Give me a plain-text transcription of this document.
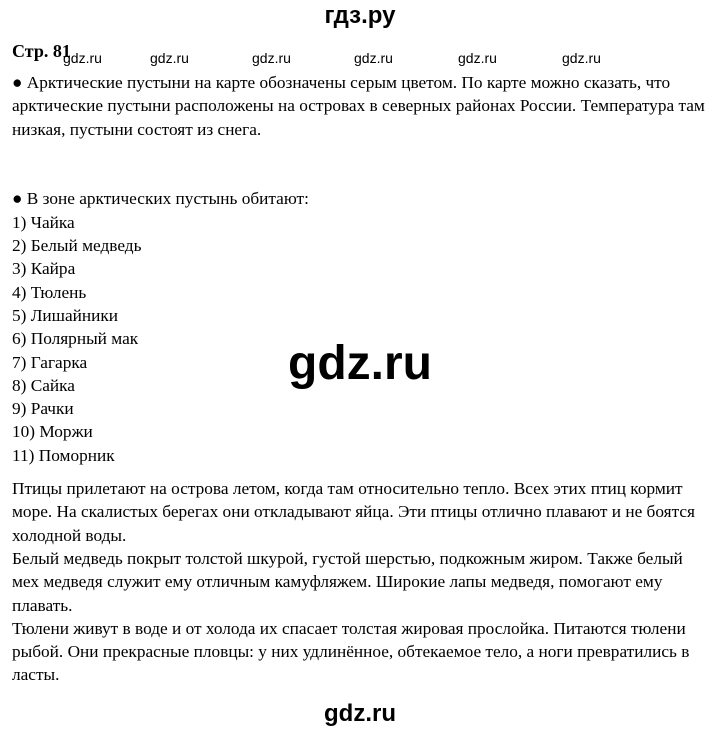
гдз.ру
Стр. 81
gdz.ru	gdz.ru	gdz.ru	gdz.ru	gdz.ru	gdz.ru

● Арктические пустыни на карте обозначены серым цветом. По карте можно сказать, что арктические пустыни расположены на островах в северных районах России. Температура там низкая, пустыни состоят из снега.

● В зоне арктических пустынь обитают:

1) Чайка
2) Белый медведь
3) Кайра
4) Тюлень
5) Лишайники
6) Полярный мак
7) Гагарка
8) Сайка
9) Рачки
10) Моржи
11) Поморник

Птицы прилетают на острова летом, когда там относительно тепло. Всех этих птиц кормит море. На скалистых берегах они откладывают яйца. Эти птицы отлично плавают и не боятся холодной воды.

Белый медведь покрыт толстой шкурой, густой шерстью, подкожным жиром. Также белый мех медведя служит ему отличным камуфляжем. Широкие лапы медведя, помогают ему плавать.

Тюлени живут в воде и от холода их спасает толстая жировая прослойка. Питаются тюлени рыбой. Они прекрасные пловцы: у них удлинённое, обтекаемое тело, а ноги превратились в ласты.

gdz.ru
gdz.ru
